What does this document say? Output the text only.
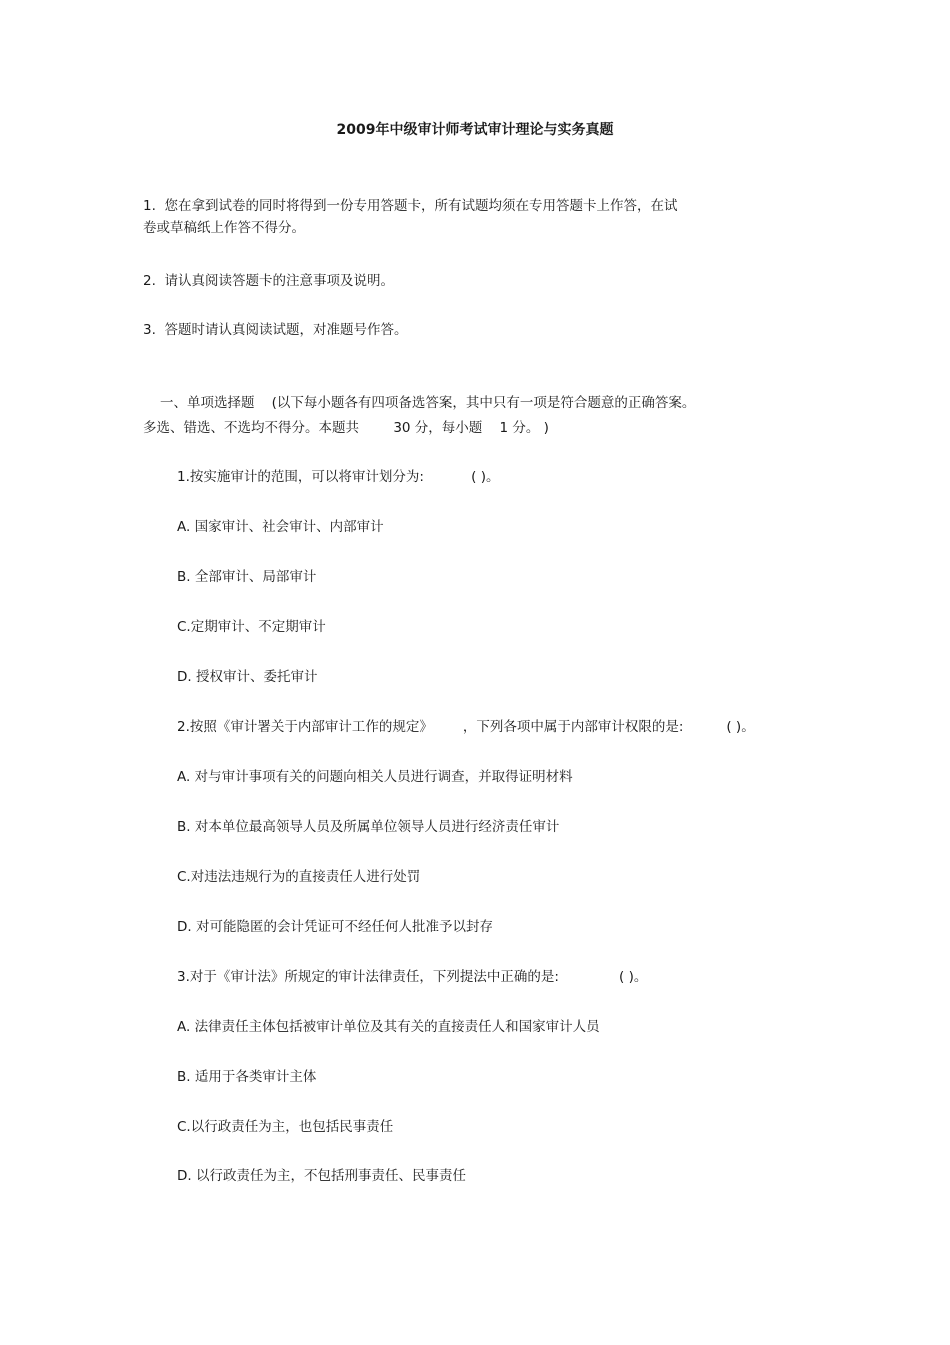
2009年中级审计师考试审计理论与实务真题
1.  您在拿到试卷的同时将得到一份专用答题卡，所有试题均须在专用答题卡上作答，在试
卷或草稿纸上作答不得分。
2.  请认真阅读答题卡的注意事项及说明。
3.  答题时请认真阅读试题，对准题号作答。
一、单项选择题    (以下每小题各有四项备选答案，其中只有一项是符合题意的正确答案。
多选、错选、不选均不得分。本题共        30 分，每小题    1 分。 )
1.按实施审计的范围，可以将审计划分为:           ( )。
A. 国家审计、社会审计、内部审计
B. 全部审计、局部审计
C.定期审计、不定期审计
D. 授权审计、委托审计
2.按照《审计署关于内部审计工作的规定》       ，下列各项中属于内部审计权限的是:          ( )。
A. 对与审计事项有关的问题向相关人员进行调查，并取得证明材料
B. 对本单位最高领导人员及所属单位领导人员进行经济责任审计
C.对违法违规行为的直接责任人进行处罚
D. 对可能隐匿的会计凭证可不经任何人批准予以封存
3.对于《审计法》所规定的审计法律责任，下列提法中正确的是:              ( )。
A. 法律责任主体包括被审计单位及其有关的直接责任人和国家审计人员
B. 适用于各类审计主体
C.以行政责任为主，也包括民事责任
D. 以行政责任为主，不包括刑事责任、民事责任
